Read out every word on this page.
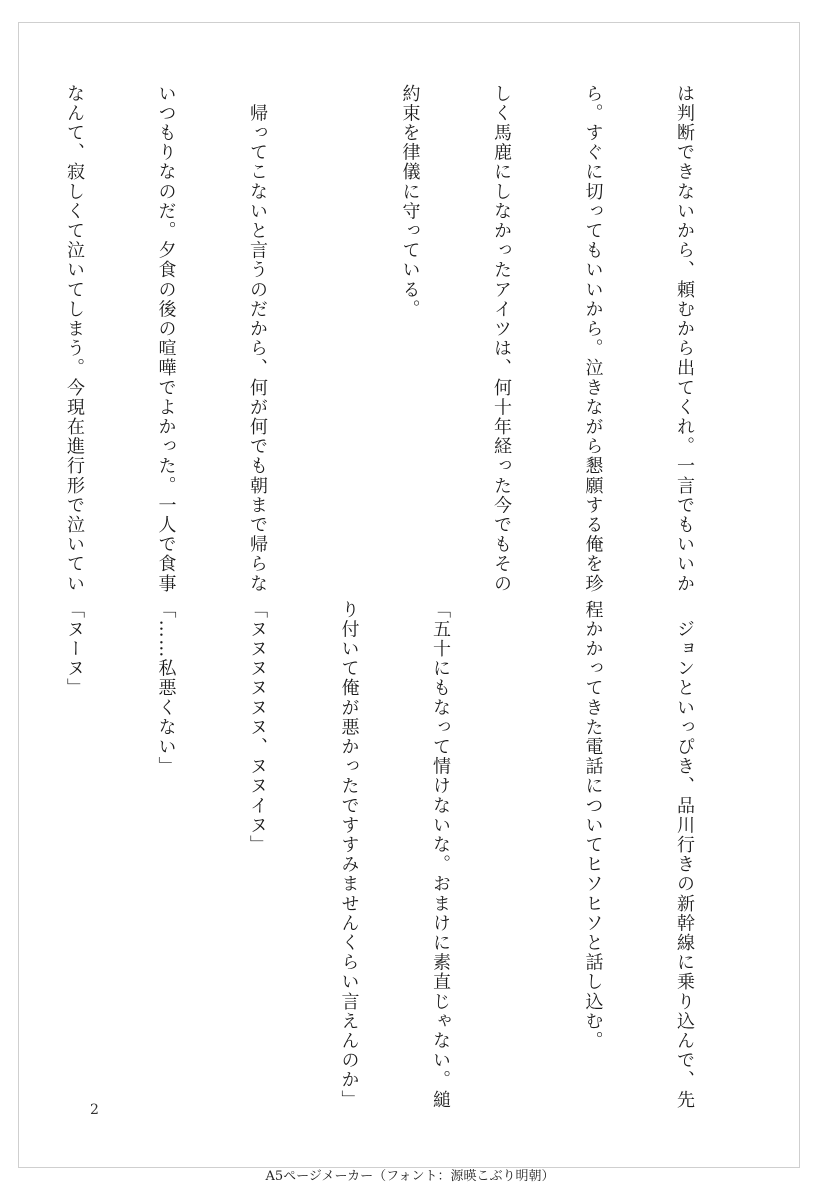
は判断できないから、頼むから出てくれ。一言でもいいか

ら。すぐに切ってもいいから。泣きながら懇願する俺を珍

しく馬鹿にしなかったアイツは、何十年経った今でもその

約束を律儀に守っている。

　帰ってこないと言うのだから、何が何でも朝まで帰らな

いつもりなのだ。夕食の後の喧嘩でよかった。一人で食事

なんて、寂しくて泣いてしまう。今現在進行形で泣いてい

　ジョンといっぴき、品川行きの新幹線に乗り込んで、先

程かかってきた電話についてヒソヒソと話し込む。

「五十にもなって情けないな。おまけに素直じゃない。縋

り付いて俺が悪かったですすみませんくらい言えんのか」

「ヌヌヌヌヌヌ、ヌヌイヌ」

「……私悪くない」

「ヌーヌ」

2
A5ページメーカー（フォント：源暎こぶり明朝）
